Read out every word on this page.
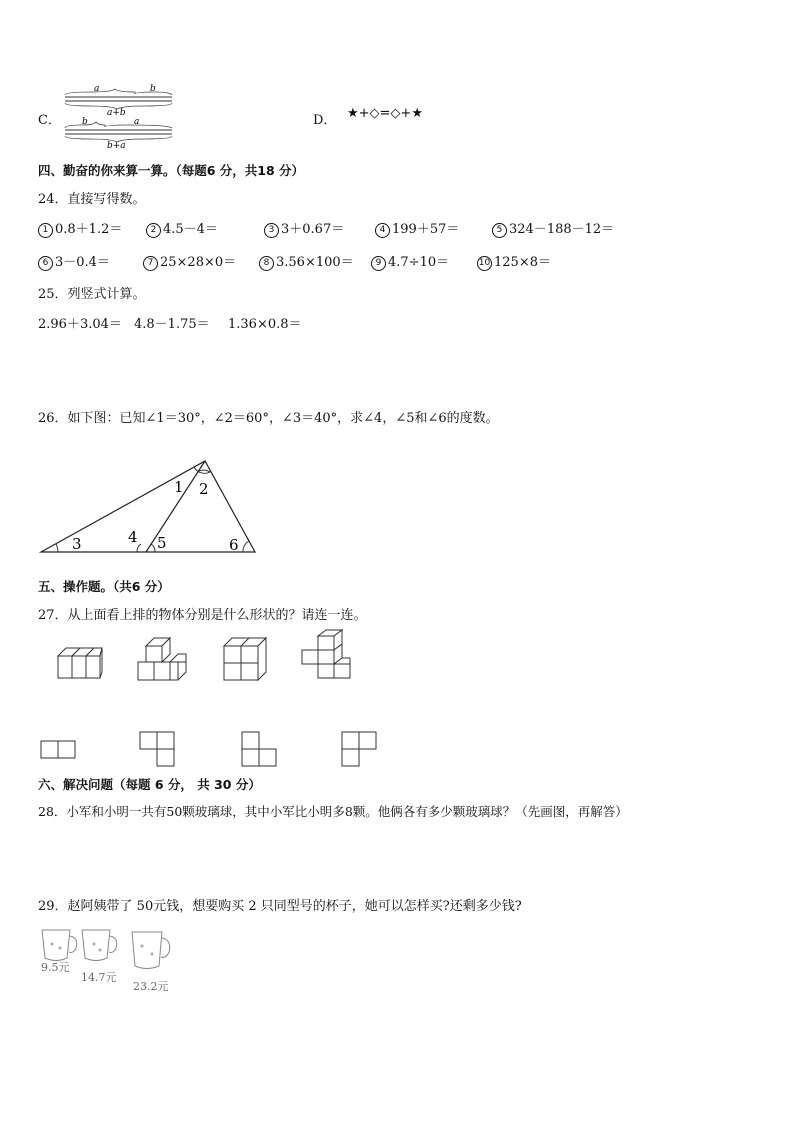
C．
a	b
a+b
b	a
b+a
D． ★+◇=◇+★
四、勤奋的你来算一算。（每题6 分，共18 分）
24．直接写得数。
1 0.8＋1.2＝	2 4.5－4＝	3 3＋0.67＝	4 199＋57＝	5 324－188－12＝
6 3－0.4＝	7 25×28×0＝	8 3.56×100＝	9 4.7÷10＝	10 125×8＝
25．列竖式计算。
2.96＋3.04＝ 4.8－1.75＝ 1.36×0.8＝
26．如下图：已知∠1＝30°，∠2＝60°，∠3＝40°，求∠4，∠5和∠6的度数。
1 2
3	4 5	6
五、操作题。（共6 分）
27．从上面看上排的物体分别是什么形状的？请连一连。
六、解决问题（每题 6 分， 共 30 分）
28．小军和小明一共有50颗玻璃球，其中小军比小明多8颗。他俩各有多少颗玻璃球？（先画图，再解答）
29．赵阿姨带了 50元钱，想要购买 2 只同型号的杯子，她可以怎样买?还剩多少钱?
9.5元
14.7元
23.2元
